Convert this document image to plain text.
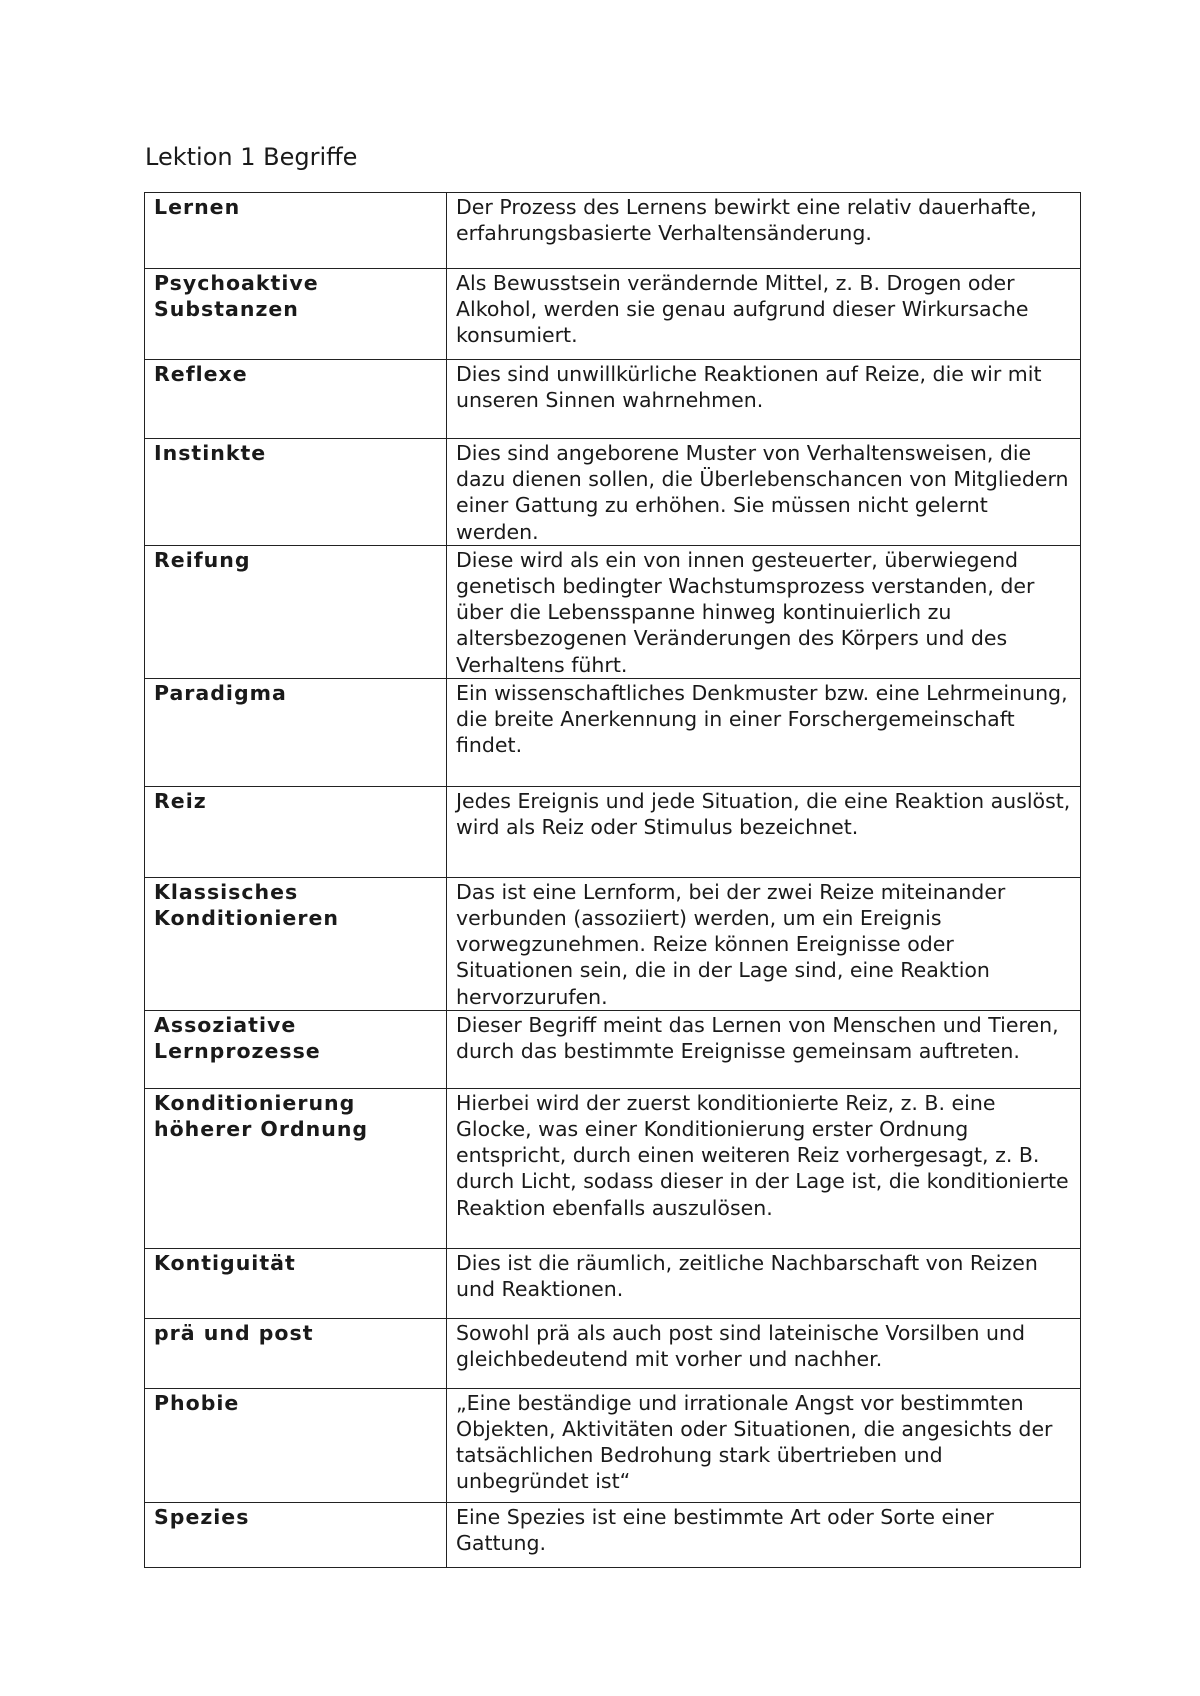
Lektion 1 Begriffe
Lernen	Der Prozess des Lernens bewirkt eine relativ dauerhafte, erfahrungsbasierte Verhaltensänderung.
Psychoaktive Substanzen	Als Bewusstsein verändernde Mittel, z. B. Drogen oder Alkohol, werden sie genau aufgrund dieser Wirkursache konsumiert.
Reflexe	Dies sind unwillkürliche Reaktionen auf Reize, die wir mit unseren Sinnen wahrnehmen.
Instinkte	Dies sind angeborene Muster von Verhaltensweisen, die dazu dienen sollen, die Überlebenschancen von Mitgliedern einer Gattung zu erhöhen. Sie müssen nicht gelernt werden.
Reifung	Diese wird als ein von innen gesteuerter, überwiegend genetisch bedingter Wachstumsprozess verstanden, der über die Lebensspanne hinweg kontinuierlich zu altersbezogenen Veränderungen des Körpers und des Verhaltens führt.
Paradigma	Ein wissenschaftliches Denkmuster bzw. eine Lehrmeinung, die breite Anerkennung in einer Forschergemeinschaft findet.
Reiz	Jedes Ereignis und jede Situation, die eine Reaktion auslöst, wird als Reiz oder Stimulus bezeichnet.
Klassisches Konditionieren	Das ist eine Lernform, bei der zwei Reize miteinander verbunden (assoziiert) werden, um ein Ereignis vorwegzunehmen. Reize können Ereignisse oder Situationen sein, die in der Lage sind, eine Reaktion hervorzurufen.
Assoziative Lernprozesse	Dieser Begriff meint das Lernen von Menschen und Tieren, durch das bestimmte Ereignisse gemeinsam auftreten.
Konditionierung höherer Ordnung	Hierbei wird der zuerst konditionierte Reiz, z. B. eine Glocke, was einer Konditionierung erster Ordnung entspricht, durch einen weiteren Reiz vorhergesagt, z. B. durch Licht, sodass dieser in der Lage ist, die konditionierte Reaktion ebenfalls auszulösen.
Kontiguität	Dies ist die räumlich, zeitliche Nachbarschaft von Reizen und Reaktionen.
prä und post	Sowohl prä als auch post sind lateinische Vorsilben und gleichbedeutend mit vorher und nachher.
Phobie	„Eine beständige und irrationale Angst vor bestimmten Objekten, Aktivitäten oder Situationen, die angesichts der tatsächlichen Bedrohung stark übertrieben und unbegründet ist“
Spezies	Eine Spezies ist eine bestimmte Art oder Sorte einer Gattung.
